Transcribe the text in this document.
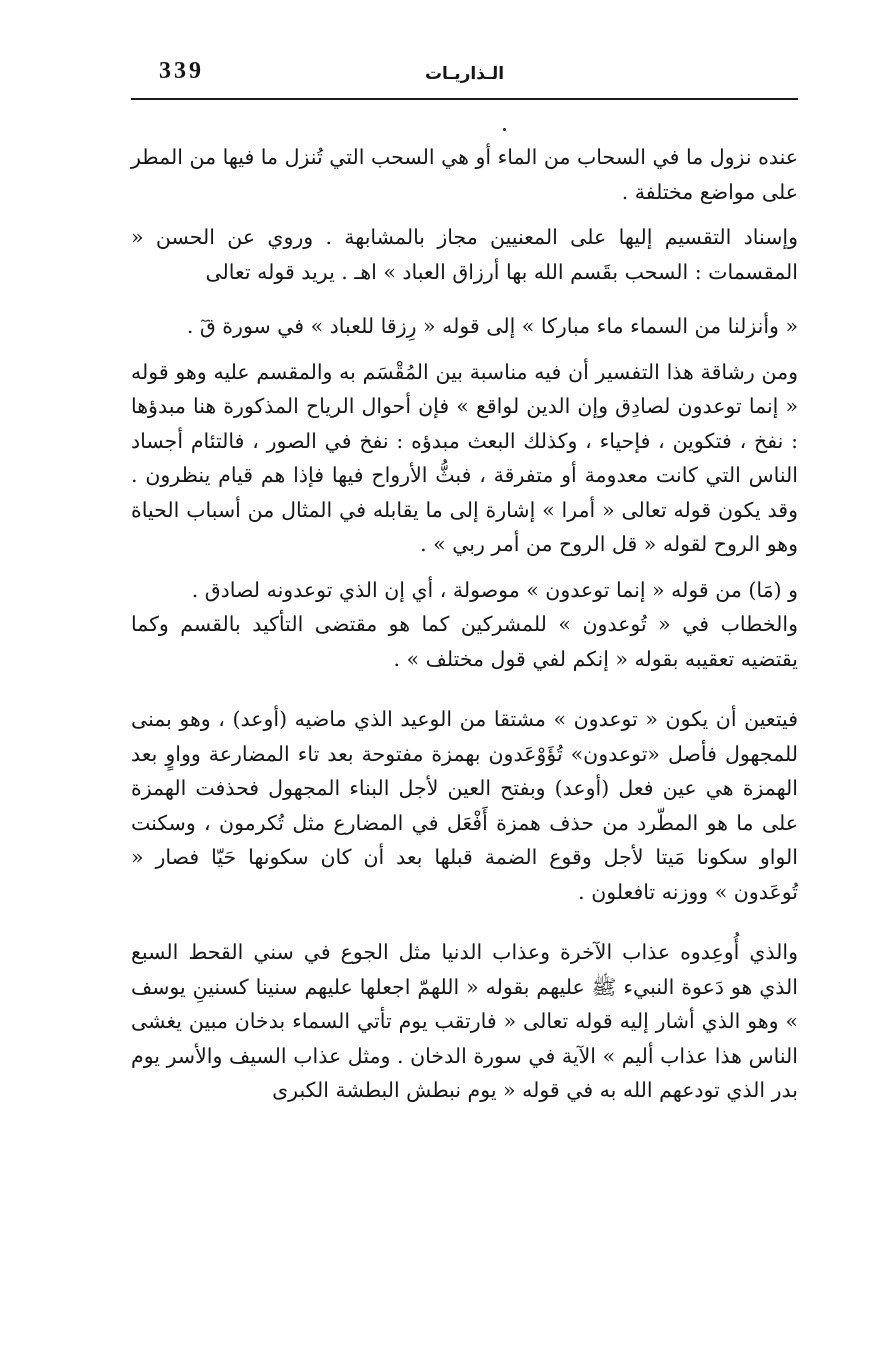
339	الـذاريـات

عنده نزول ما في السحاب من الماء أو هي السحب التي تُنزل ما فيها من المطر على مواضع مختلفة .

وإسناد التقسيم إليها على المعنيين مجاز بالمشابهة . وروي عن الحسن « المقسمات : السحب بقَسم الله بها أرزاق العباد » اهـ . يريد قوله تعالى

« وأنزلنا من السماء ماء مباركا » إلى قوله « رِزقا للعباد » في سورة قٓ .

ومن رشاقة هذا التفسير أن فيه مناسبة بين المُقْسَم به والمقسم عليه وهو قوله « إنما توعدون لصادِق وإن الدين لواقع » فإن أحوال الرياح المذكورة هنا مبدؤها : نفخ ، فتكوين ، فإحياء ، وكذلك البعث مبدؤه : نفخ في الصور ، فالتئام أجساد الناس التي كانت معدومة أو متفرقة ، فبثُّ الأرواح فيها فإذا هم قيام ينظرون . وقد يكون قوله تعالى « أمرا » إشارة إلى ما يقابله في المثال من أسباب الحياة وهو الروح لقوله « قل الروح من أمر ربي » .

و (مَا) من قوله « إنما توعدون » موصولة ، أي إن الذي توعدونه لصادق .

والخطاب في « تُوعدون » للمشركين كما هو مقتضى التأكيد بالقسم وكما يقتضيه تعقيبه بقوله « إنكم لفي قول مختلف » .

فيتعين أن يكون « توعدون » مشتقا من الوعيد الذي ماضيه (أوعد) ، وهو بمنى للمجهول فأصل «توعدون» تُؤَوْعَدون بهمزة مفتوحة بعد تاء المضارعة وواوٍ بعد الهمزة هي عين فعل (أوعد) وبفتح العين لأجل البناء المجهول فحذفت الهمزة على ما هو المطّرد من حذف همزة أَفْعَل في المضارع مثل تُكرمون ، وسكنت الواو سكونا مَيتا لأجل وقوع الضمة قبلها بعد أن كان سكونها حَيّا فصار « تُوعَدون » ووزنه تافعلون .

والذي أُوعِدوه عذاب الآخرة وعذاب الدنيا مثل الجوع في سني القحط السبع الذي هو دَعوة النبيء ﷺ عليهم بقوله « اللهمّ اجعلها عليهم سنينا كسنينِ يوسف » وهو الذي أشار إليه قوله تعالى « فارتقب يوم تأتي السماء بدخان مبين يغشى الناس هذا عذاب أليم » الآية في سورة الدخان . ومثل عذاب السيف والأسر يوم بدر الذي تودعهم الله به في قوله « يوم نبطش البطشة الكبرى
